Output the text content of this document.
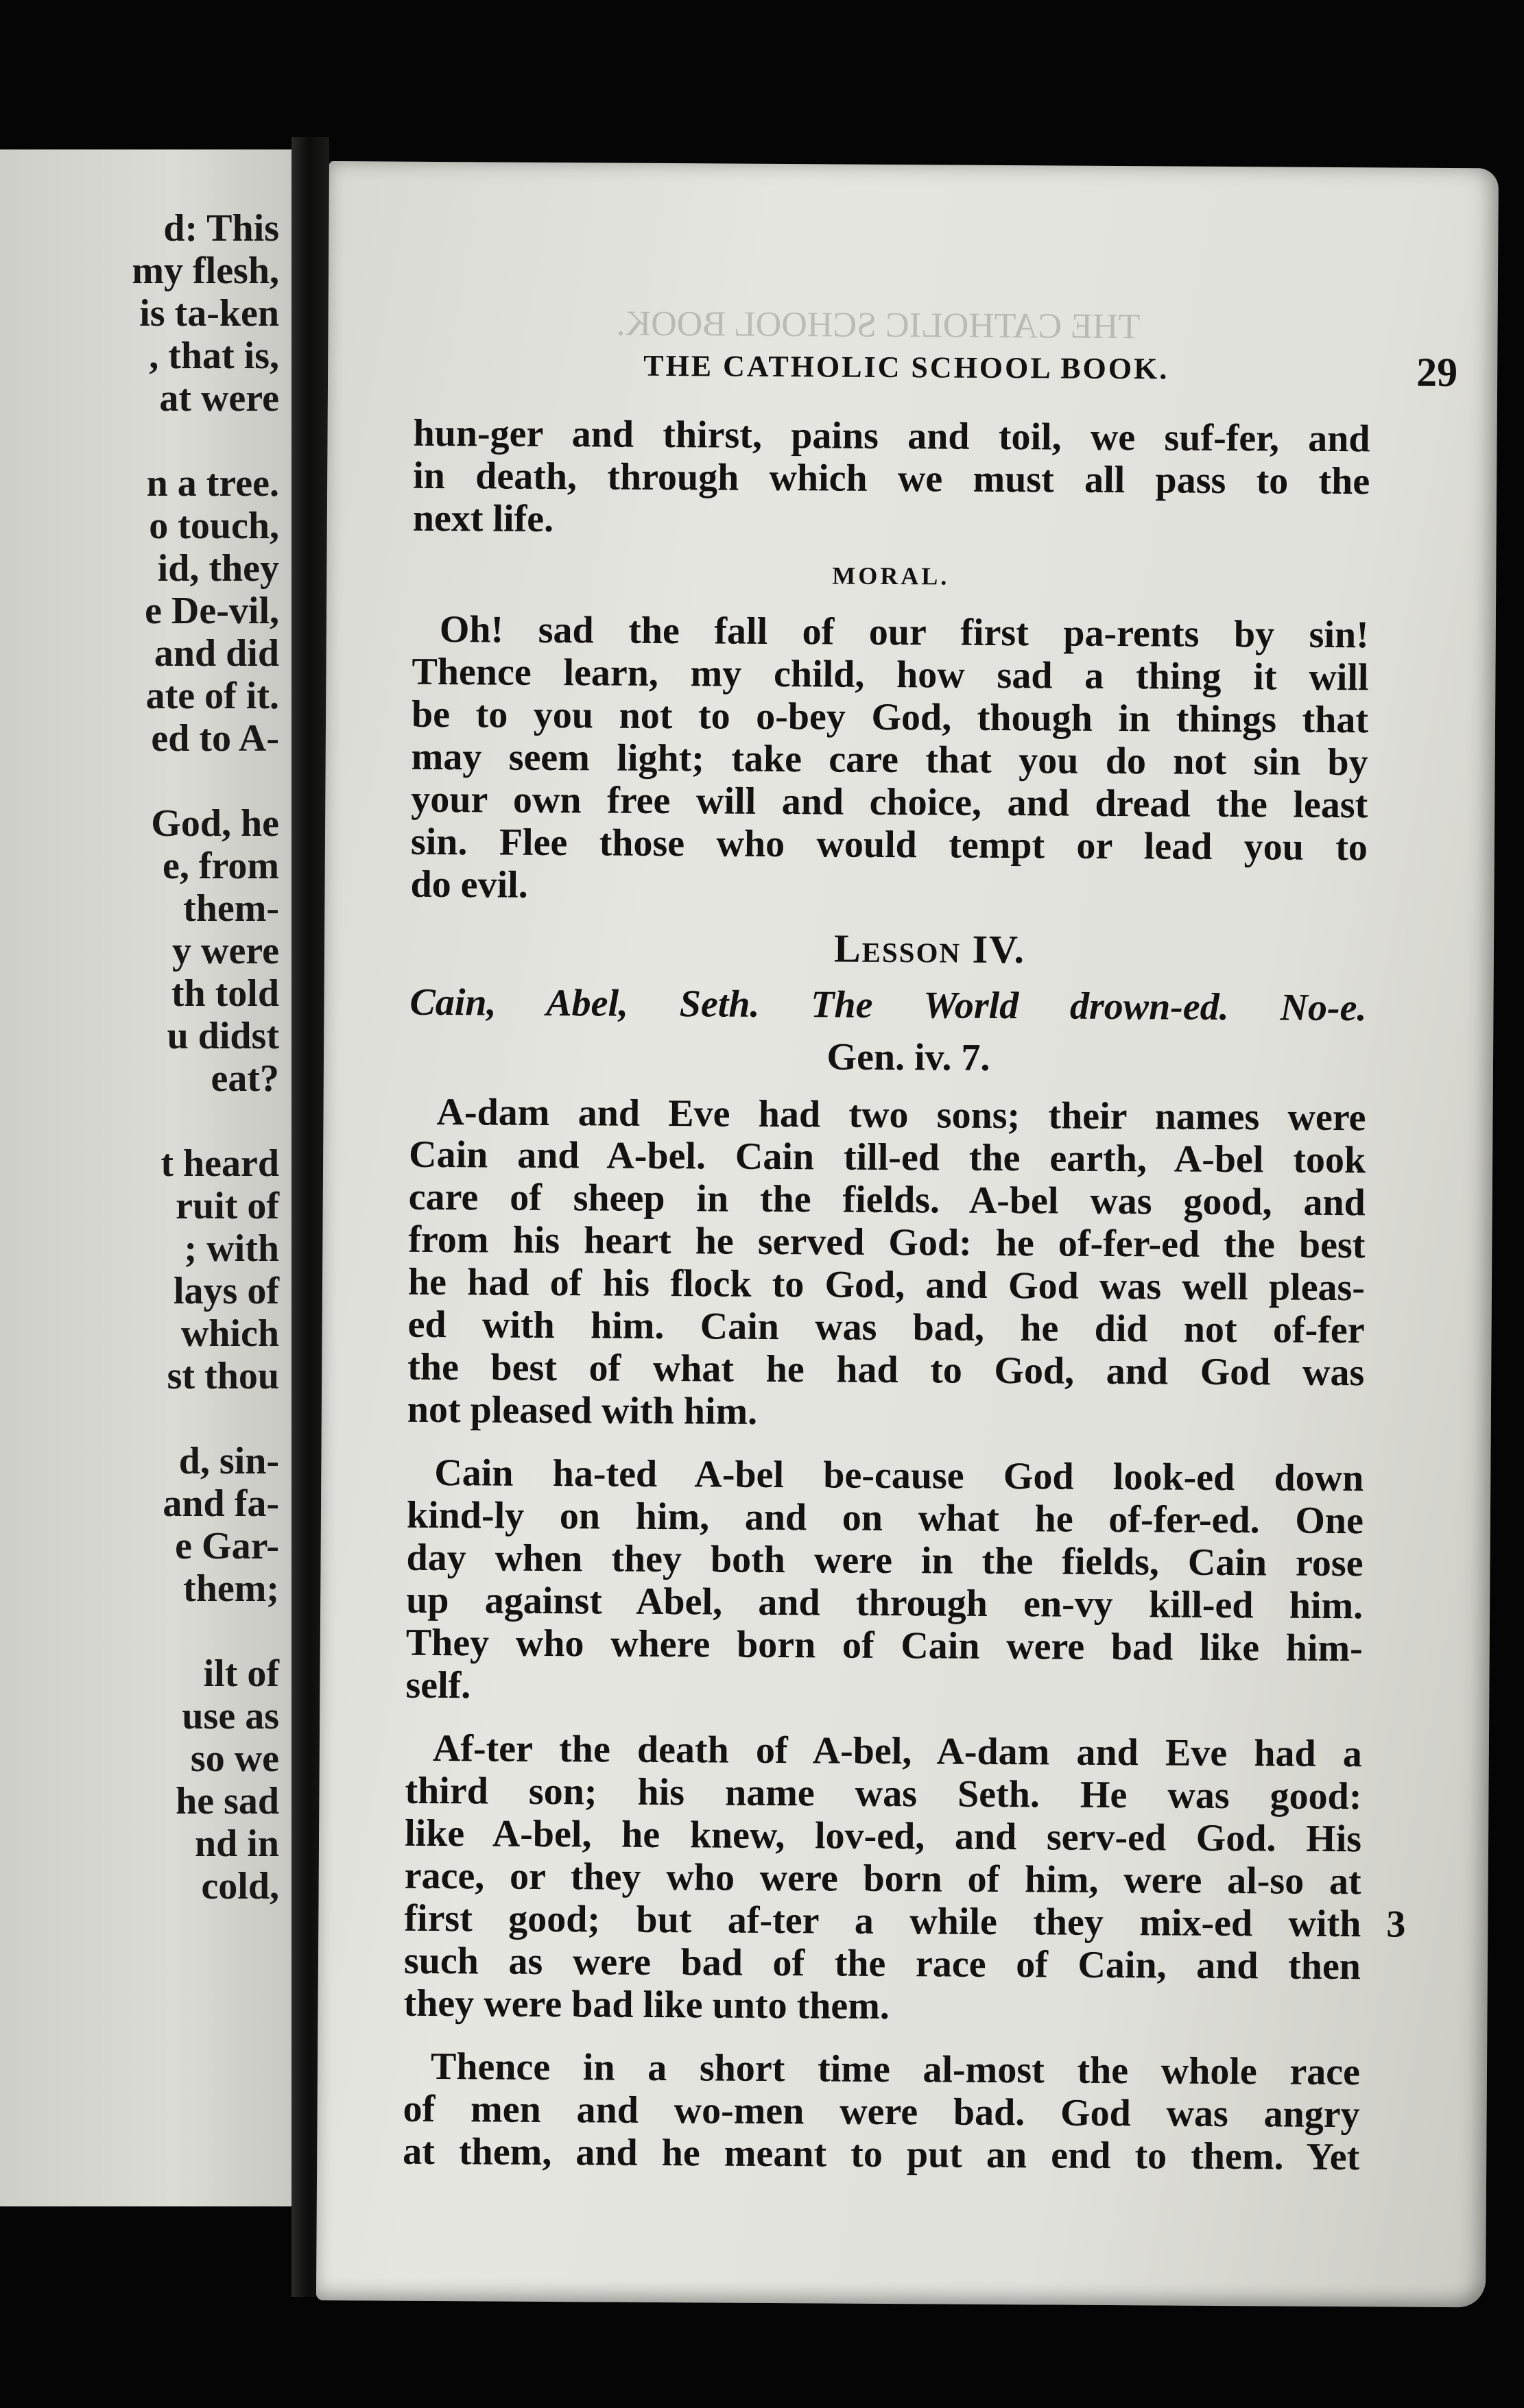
d: This
my flesh,
is ta-ken
, that is,
at were
n a tree.
o touch,
id, they
e De-vil,
and did
ate of it.
ed to A-
God, he
e, from
them-
y were
th told
u didst
eat?
t heard
ruit of
; with
lays of
which
st thou
d, sin-
and fa-
e Gar-
them;
ilt of
use as
so we
he sad
nd in
cold,
THE CATHOLIC SCHOOL BOOK.
THE CATHOLIC SCHOOL BOOK.	29
hun-ger and thirst, pains and toil, we suf-fer, and
in death, through which we must all pass to the
next life.
MORAL.
Oh! sad the fall of our first pa-rents by sin!
Thence learn, my child, how sad a thing it will
be to you not to o-bey God, though in things that
may seem light; take care that you do not sin by
your own free will and choice, and dread the least
sin. Flee those who would tempt or lead you to
do evil.
Lesson IV.
Cain, Abel, Seth. The World drown-ed. No-e.
Gen. iv. 7.
A-dam and Eve had two sons; their names were
Cain and A-bel. Cain till-ed the earth, A-bel took
care of sheep in the fields. A-bel was good, and
from his heart he served God: he of-fer-ed the best
he had of his flock to God, and God was well pleas-
ed with him. Cain was bad, he did not of-fer
the best of what he had to God, and God was
not pleased with him.
Cain ha-ted A-bel be-cause God look-ed down
kind-ly on him, and on what he of-fer-ed. One
day when they both were in the fields, Cain rose
up against Abel, and through en-vy kill-ed him.
They who where born of Cain were bad like him-
self.
Af-ter the death of A-bel, A-dam and Eve had a
third son; his name was Seth. He was good:
like A-bel, he knew, lov-ed, and serv-ed God. His
race, or they who were born of him, were al-so at
first good; but af-ter a while they mix-ed with
such as were bad of the race of Cain, and then
they were bad like unto them.
Thence in a short time al-most the whole race
of men and wo-men were bad. God was angry
at them, and he meant to put an end to them. Yet
3
